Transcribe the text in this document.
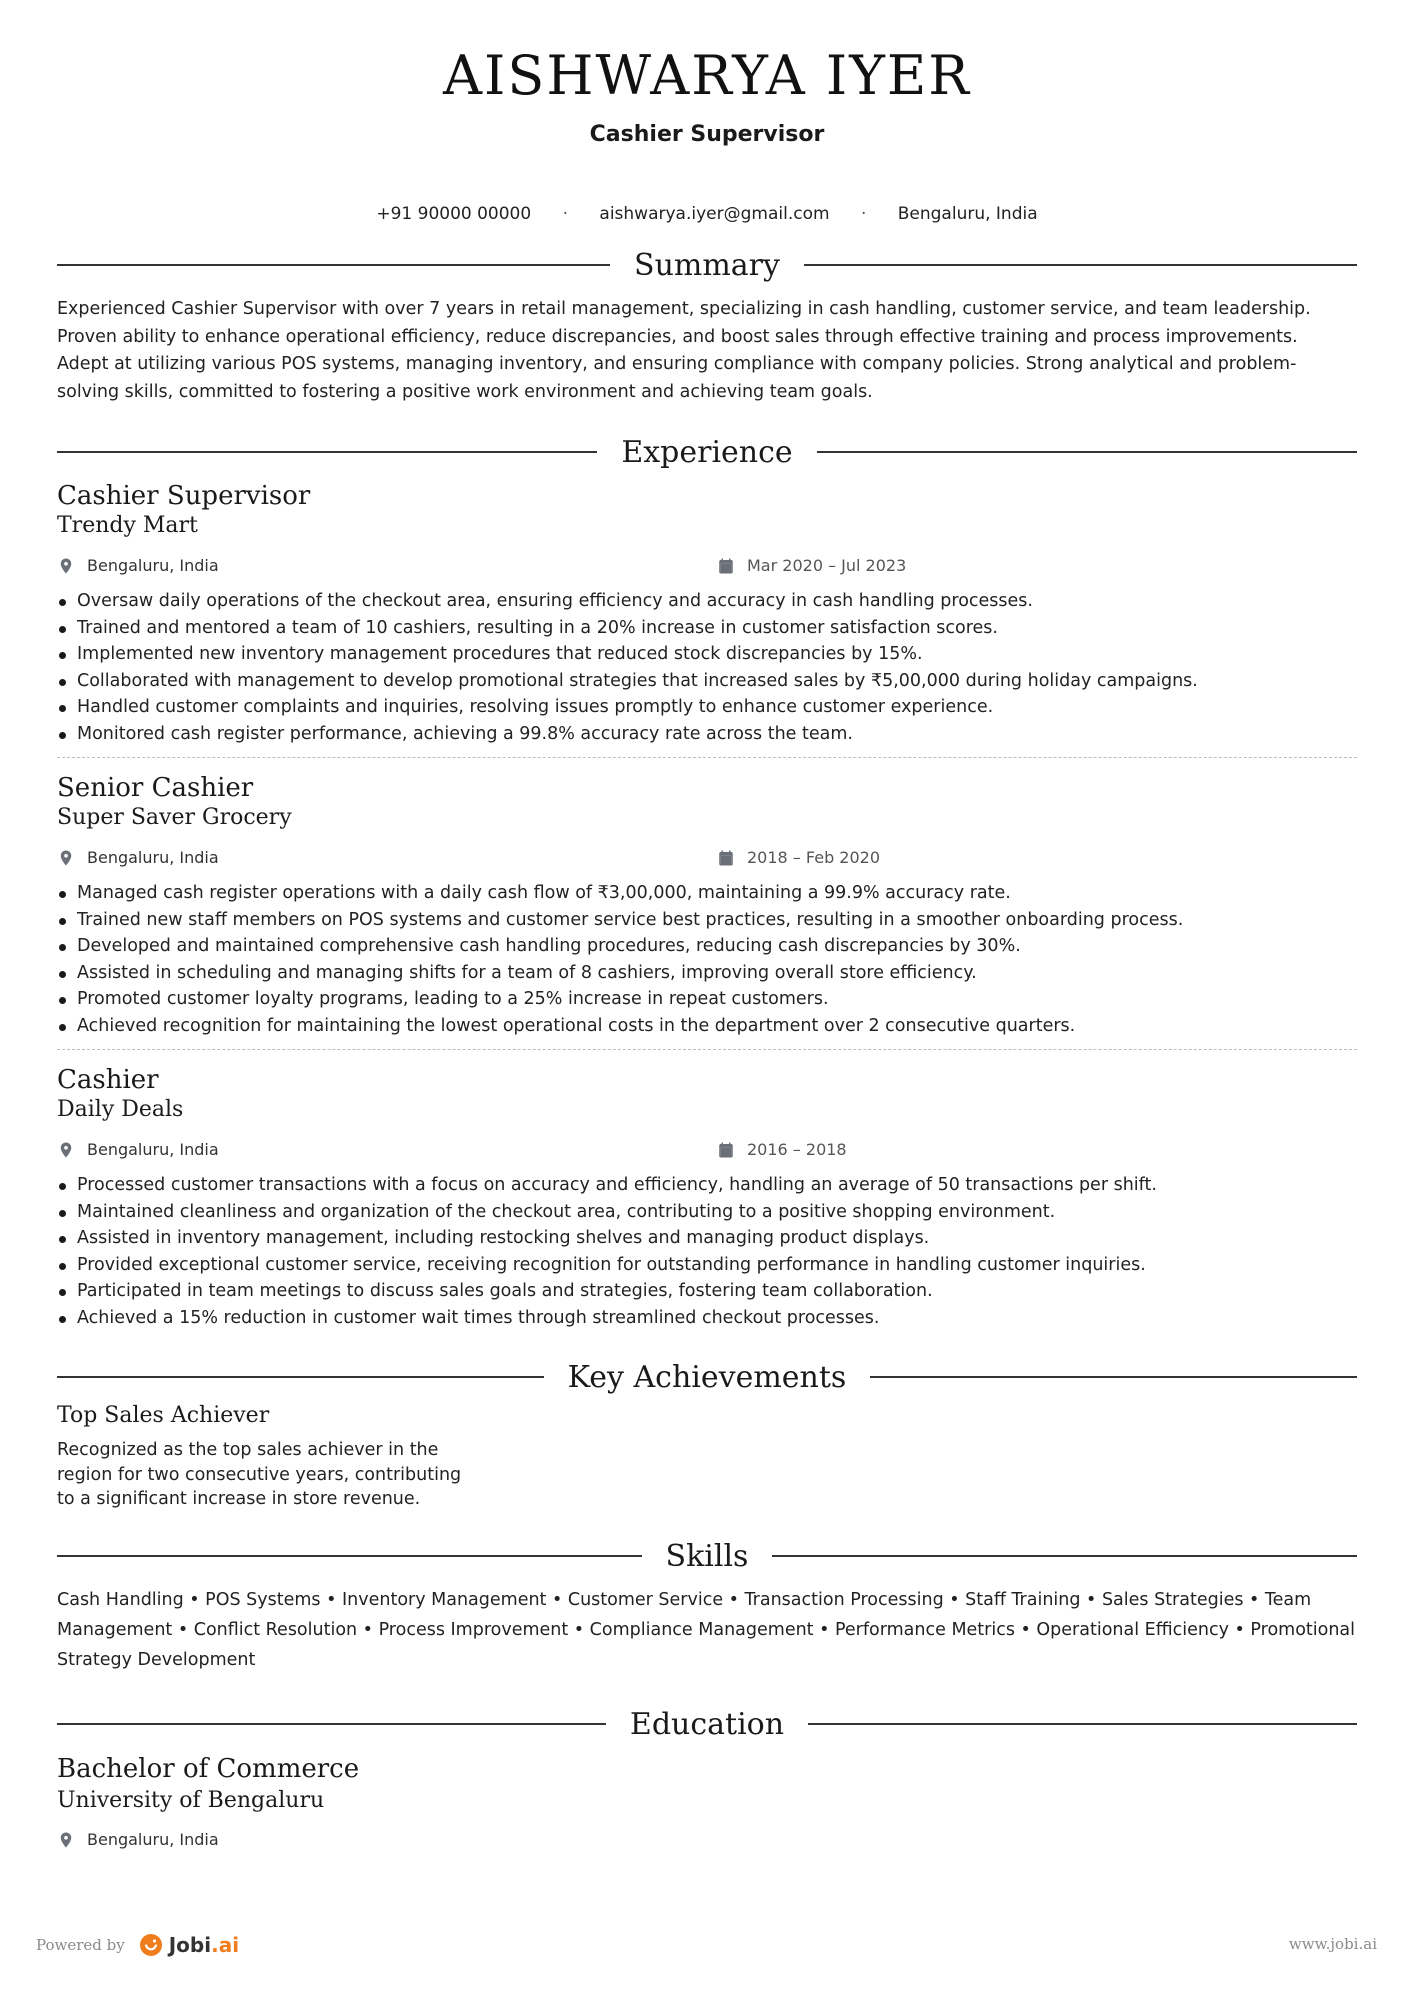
AISHWARYA IYER
Cashier Supervisor
+91 90000 00000 · aishwarya.iyer@gmail.com · Bengaluru, India
Summary
Experienced Cashier Supervisor with over 7 years in retail management, specializing in cash handling, customer service, and team leadership.
Proven ability to enhance operational efficiency, reduce discrepancies, and boost sales through effective training and process improvements.
Adept at utilizing various POS systems, managing inventory, and ensuring compliance with company policies. Strong analytical and problem-
solving skills, committed to fostering a positive work environment and achieving team goals.
Experience
Cashier Supervisor
Trendy Mart
Bengaluru, India	Mar 2020 – Jul 2023
Oversaw daily operations of the checkout area, ensuring efficiency and accuracy in cash handling processes.
Trained and mentored a team of 10 cashiers, resulting in a 20% increase in customer satisfaction scores.
Implemented new inventory management procedures that reduced stock discrepancies by 15%.
Collaborated with management to develop promotional strategies that increased sales by ₹5,00,000 during holiday campaigns.
Handled customer complaints and inquiries, resolving issues promptly to enhance customer experience.
Monitored cash register performance, achieving a 99.8% accuracy rate across the team.
Senior Cashier
Super Saver Grocery
Bengaluru, India	2018 – Feb 2020
Managed cash register operations with a daily cash flow of ₹3,00,000, maintaining a 99.9% accuracy rate.
Trained new staff members on POS systems and customer service best practices, resulting in a smoother onboarding process.
Developed and maintained comprehensive cash handling procedures, reducing cash discrepancies by 30%.
Assisted in scheduling and managing shifts for a team of 8 cashiers, improving overall store efficiency.
Promoted customer loyalty programs, leading to a 25% increase in repeat customers.
Achieved recognition for maintaining the lowest operational costs in the department over 2 consecutive quarters.
Cashier
Daily Deals
Bengaluru, India	2016 – 2018
Processed customer transactions with a focus on accuracy and efficiency, handling an average of 50 transactions per shift.
Maintained cleanliness and organization of the checkout area, contributing to a positive shopping environment.
Assisted in inventory management, including restocking shelves and managing product displays.
Provided exceptional customer service, receiving recognition for outstanding performance in handling customer inquiries.
Participated in team meetings to discuss sales goals and strategies, fostering team collaboration.
Achieved a 15% reduction in customer wait times through streamlined checkout processes.
Key Achievements
Top Sales Achiever
Recognized as the top sales achiever in the
region for two consecutive years, contributing
to a significant increase in store revenue.
Skills
Cash Handling • POS Systems • Inventory Management • Customer Service • Transaction Processing • Staff Training • Sales Strategies • Team
Management • Conflict Resolution • Process Improvement • Compliance Management • Performance Metrics • Operational Efficiency • Promotional
Strategy Development
Education
Bachelor of Commerce
University of Bengaluru
Bengaluru, India
Powered by Jobi.ai	www.jobi.ai
